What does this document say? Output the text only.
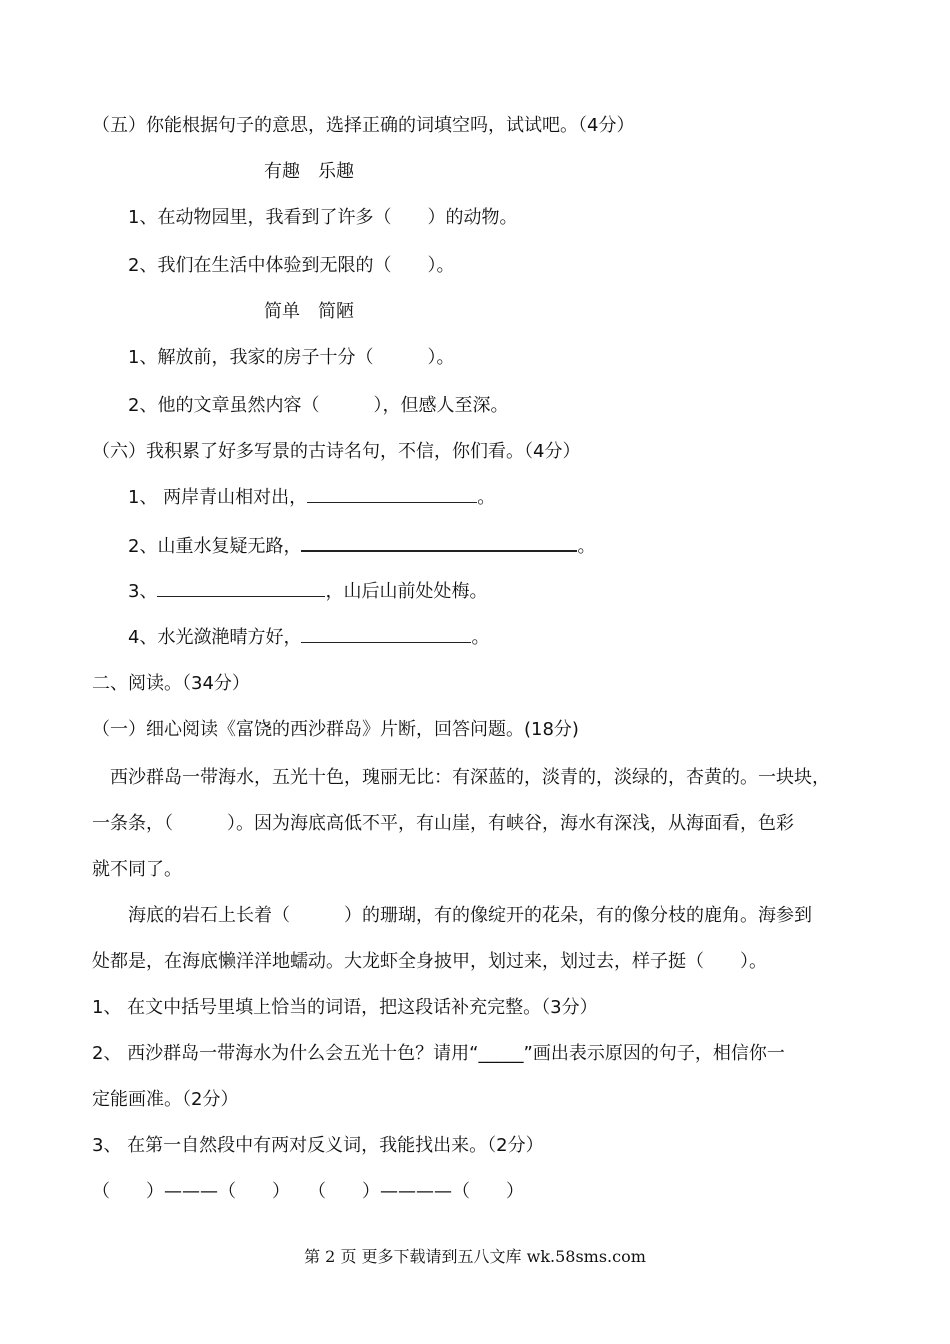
（五）你能根据句子的意思，选择正确的词填空吗，试试吧。（4分）
有趣　乐趣
1、在动物园里，我看到了许多（　　）的动物。
2、我们在生活中体验到无限的（　　）。
简单　简陋
1、解放前，我家的房子十分（　　　）。
2、他的文章虽然内容（　　　），但感人至深。
（六）我积累了好多写景的古诗名句，不信，你们看。（4分）
1、 两岸青山相对出，	。
2、山重水复疑无路，	。
3、	，山后山前处处梅。
4、水光潋滟晴方好，	。
二、阅读。（34分）
（一）细心阅读《富饶的西沙群岛》片断，回答问题。(18分)
西沙群岛一带海水，五光十色，瑰丽无比：有深蓝的，淡青的，淡绿的，杏黄的。一块块，
一条条，（　　　）。因为海底高低不平，有山崖，有峡谷，海水有深浅，从海面看，色彩
就不同了。
海底的岩石上长着（　　　）的珊瑚，有的像绽开的花朵，有的像分枝的鹿角。海参到
处都是，在海底懒洋洋地蠕动。大龙虾全身披甲，划过来，划过去，样子挺（　　）。
1、 在文中括号里填上恰当的词语，把这段话补充完整。（3分）
2、 西沙群岛一带海水为什么会五光十色？请用“_____”画出表示原因的句子，相信你一
定能画准。（2分）
3、 在第一自然段中有两对反义词，我能找出来。（2分）
（　　）———（　　）　　（　　）————（　　）
第 2 页 更多下载请到五八文库 wk.58sms.com
